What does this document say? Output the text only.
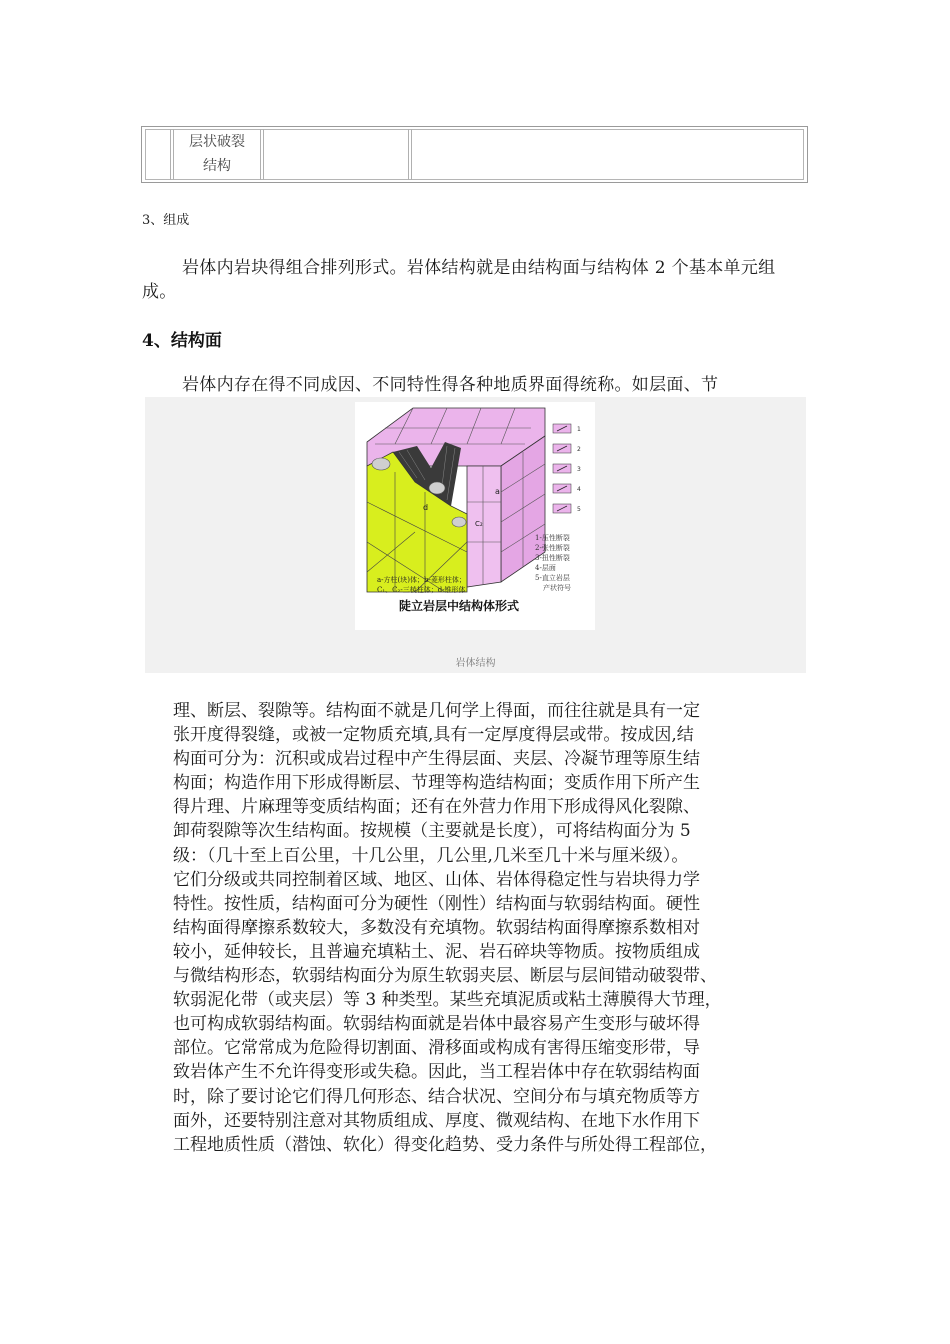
层状破裂
结构
3、组成
岩体内岩块得组合排列形式。岩体结构就是由结构面与结构体 2 个基本单元组成。
4、结构面
岩体内存在得不同成因、不同特性得各种地质界面得统称。如层面、节
a
d
C₂
1
2
3
4
5
1-压性断裂
2-张性断裂
3-扭性断裂
4-层面
5-直立岩层
产状符号
a-方柱(块)体；b-菱形柱体；
C₁、C₂-三棱柱体；d-锥形体
陡立岩层中结构体形式
岩体结构
理、断层、裂隙等。结构面不就是几何学上得面，而往往就是具有一定
张开度得裂缝，或被一定物质充填,具有一定厚度得层或带。按成因,结
构面可分为：沉积或成岩过程中产生得层面、夹层、冷凝节理等原生结
构面；构造作用下形成得断层、节理等构造结构面；变质作用下所产生
得片理、片麻理等变质结构面；还有在外营力作用下形成得风化裂隙、
卸荷裂隙等次生结构面。按规模（主要就是长度），可将结构面分为 5
级：（几十至上百公里，十几公里，几公里,几米至几十米与厘米级）。
它们分级或共同控制着区域、地区、山体、岩体得稳定性与岩块得力学
特性。按性质，结构面可分为硬性（刚性）结构面与软弱结构面。硬性
结构面得摩擦系数较大，多数没有充填物。软弱结构面得摩擦系数相对
较小，延伸较长，且普遍充填粘土、泥、岩石碎块等物质。按物质组成
与微结构形态，软弱结构面分为原生软弱夹层、断层与层间错动破裂带、
软弱泥化带（或夹层）等 3 种类型。某些充填泥质或粘土薄膜得大节理，
也可构成软弱结构面。软弱结构面就是岩体中最容易产生变形与破坏得
部位。它常常成为危险得切割面、滑移面或构成有害得压缩变形带，导
致岩体产生不允许得变形或失稳。因此，当工程岩体中存在软弱结构面
时，除了要讨论它们得几何形态、结合状况、空间分布与填充物质等方
面外，还要特别注意对其物质组成、厚度、微观结构、在地下水作用下
工程地质性质（潜蚀、软化）得变化趋势、受力条件与所处得工程部位，
